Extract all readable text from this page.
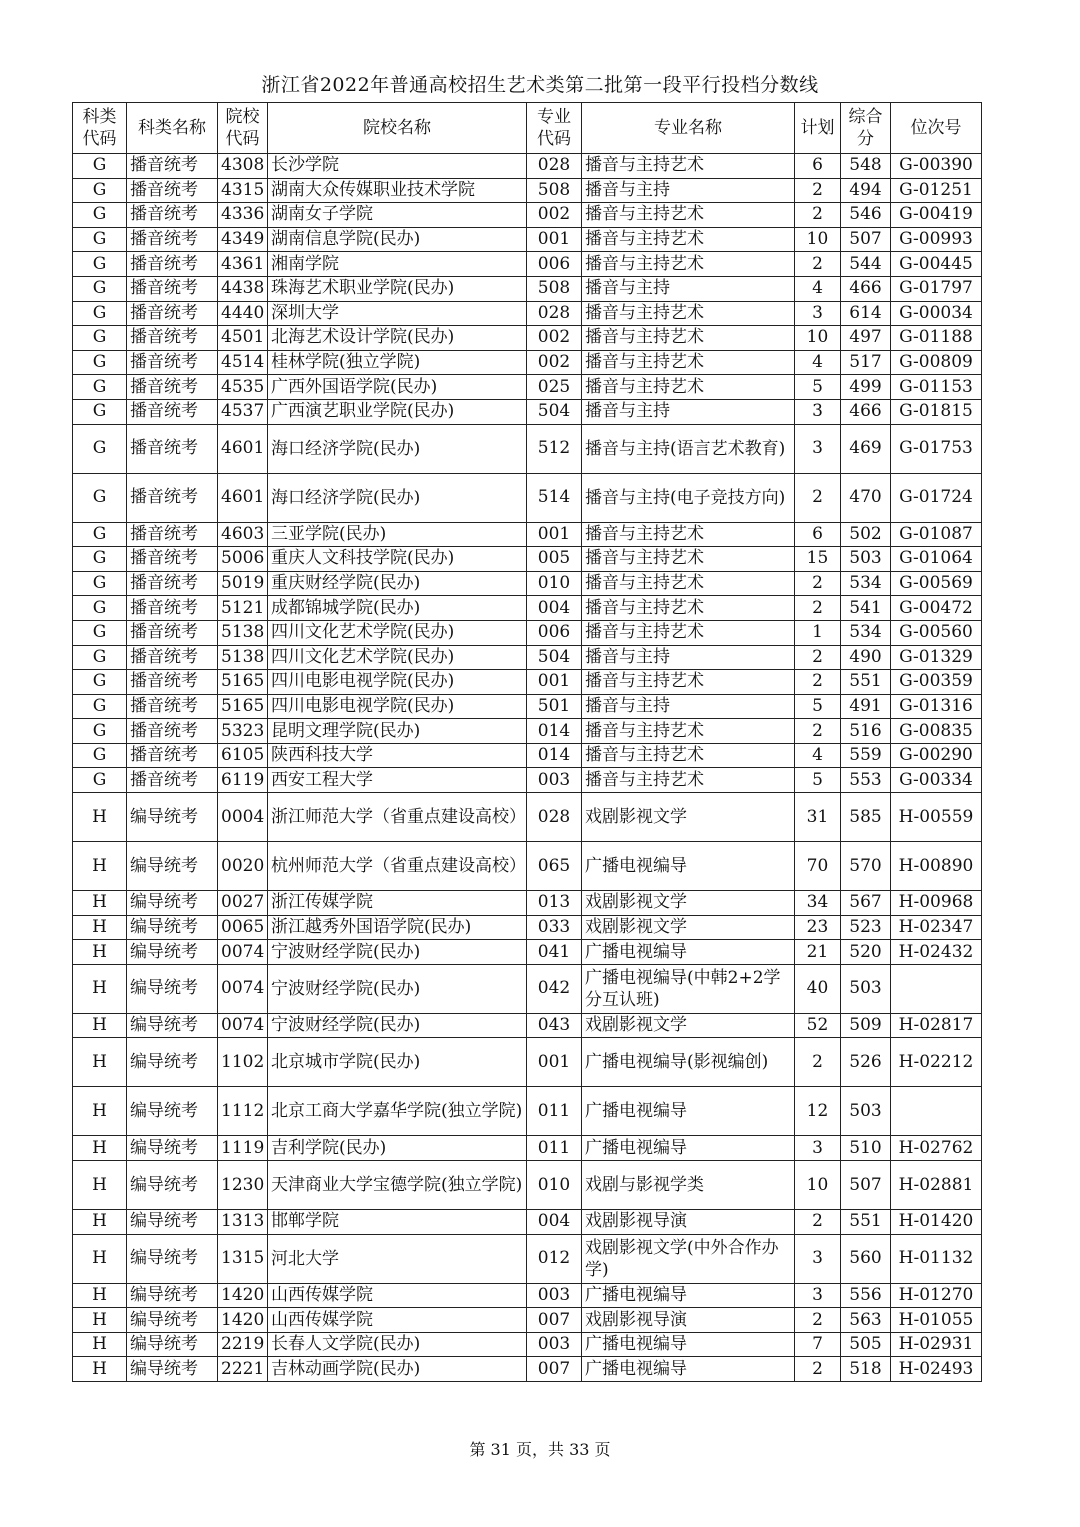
浙江省2022年普通高校招生艺术类第二批第一段平行投档分数线
科类代码	科类名称	院校代码	院校名称	专业代码	专业名称	计划	综合分	位次号
G	播音统考	4308	长沙学院	028	播音与主持艺术	6	548	G-00390
G	播音统考	4315	湖南大众传媒职业技术学院	508	播音与主持	2	494	G-01251
G	播音统考	4336	湖南女子学院	002	播音与主持艺术	2	546	G-00419
G	播音统考	4349	湖南信息学院(民办)	001	播音与主持艺术	10	507	G-00993
G	播音统考	4361	湘南学院	006	播音与主持艺术	2	544	G-00445
G	播音统考	4438	珠海艺术职业学院(民办)	508	播音与主持	4	466	G-01797
G	播音统考	4440	深圳大学	028	播音与主持艺术	3	614	G-00034
G	播音统考	4501	北海艺术设计学院(民办)	002	播音与主持艺术	10	497	G-01188
G	播音统考	4514	桂林学院(独立学院)	002	播音与主持艺术	4	517	G-00809
G	播音统考	4535	广西外国语学院(民办)	025	播音与主持艺术	5	499	G-01153
G	播音统考	4537	广西演艺职业学院(民办)	504	播音与主持	3	466	G-01815
G	播音统考	4601	海口经济学院(民办)	512	播音与主持(语言艺术教育)	3	469	G-01753
G	播音统考	4601	海口经济学院(民办)	514	播音与主持(电子竞技方向)	2	470	G-01724
G	播音统考	4603	三亚学院(民办)	001	播音与主持艺术	6	502	G-01087
G	播音统考	5006	重庆人文科技学院(民办)	005	播音与主持艺术	15	503	G-01064
G	播音统考	5019	重庆财经学院(民办)	010	播音与主持艺术	2	534	G-00569
G	播音统考	5121	成都锦城学院(民办)	004	播音与主持艺术	2	541	G-00472
G	播音统考	5138	四川文化艺术学院(民办)	006	播音与主持艺术	1	534	G-00560
G	播音统考	5138	四川文化艺术学院(民办)	504	播音与主持	2	490	G-01329
G	播音统考	5165	四川电影电视学院(民办)	001	播音与主持艺术	2	551	G-00359
G	播音统考	5165	四川电影电视学院(民办)	501	播音与主持	5	491	G-01316
G	播音统考	5323	昆明文理学院(民办)	014	播音与主持艺术	2	516	G-00835
G	播音统考	6105	陕西科技大学	014	播音与主持艺术	4	559	G-00290
G	播音统考	6119	西安工程大学	003	播音与主持艺术	5	553	G-00334
H	编导统考	0004	浙江师范大学（省重点建设高校）	028	戏剧影视文学	31	585	H-00559
H	编导统考	0020	杭州师范大学（省重点建设高校）	065	广播电视编导	70	570	H-00890
H	编导统考	0027	浙江传媒学院	013	戏剧影视文学	34	567	H-00968
H	编导统考	0065	浙江越秀外国语学院(民办)	033	戏剧影视文学	23	523	H-02347
H	编导统考	0074	宁波财经学院(民办)	041	广播电视编导	21	520	H-02432
H	编导统考	0074	宁波财经学院(民办)	042	广播电视编导(中韩2+2学分互认班)	40	503	
H	编导统考	0074	宁波财经学院(民办)	043	戏剧影视文学	52	509	H-02817
H	编导统考	1102	北京城市学院(民办)	001	广播电视编导(影视编创)	2	526	H-02212
H	编导统考	1112	北京工商大学嘉华学院(独立学院)	011	广播电视编导	12	503	
H	编导统考	1119	吉利学院(民办)	011	广播电视编导	3	510	H-02762
H	编导统考	1230	天津商业大学宝德学院(独立学院)	010	戏剧与影视学类	10	507	H-02881
H	编导统考	1313	邯郸学院	004	戏剧影视导演	2	551	H-01420
H	编导统考	1315	河北大学	012	戏剧影视文学(中外合作办学)	3	560	H-01132
H	编导统考	1420	山西传媒学院	003	广播电视编导	3	556	H-01270
H	编导统考	1420	山西传媒学院	007	戏剧影视导演	2	563	H-01055
H	编导统考	2219	长春人文学院(民办)	003	广播电视编导	7	505	H-02931
H	编导统考	2221	吉林动画学院(民办)	007	广播电视编导	2	518	H-02493
第 31 页，共 33 页
